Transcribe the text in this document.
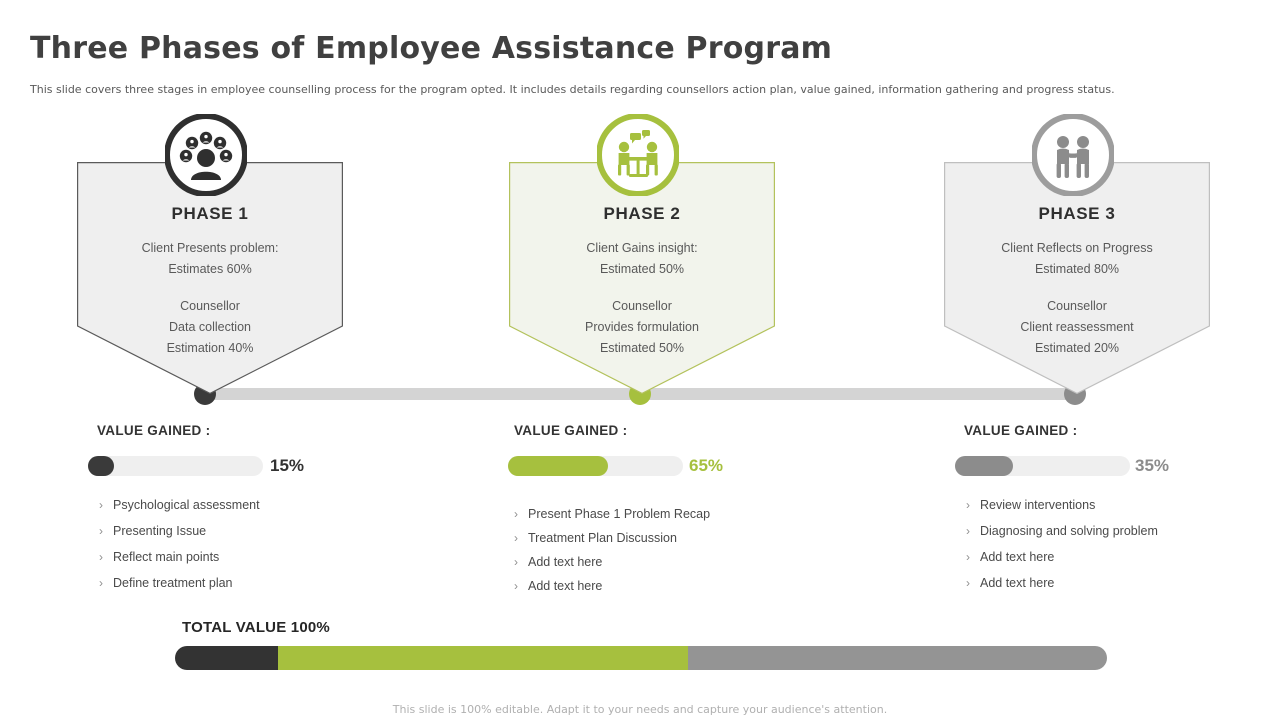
Three Phases of Employee Assistance Program
This slide covers three stages in employee counselling process for the program opted. It includes details regarding counsellors action plan, value gained, information gathering and progress status.
PHASE 1
Client Presents problem:
Estimates 60%
Counsellor
Data collection
Estimation 40%
VALUE GAINED :
15%
› Psychological assessment
› Presenting Issue
› Reflect main points
› Define treatment plan
PHASE 2
Client Gains insight:
Estimated 50%
Counsellor
Provides formulation
Estimated 50%
VALUE GAINED :
65%
› Present Phase 1 Problem Recap
› Treatment Plan Discussion
› Add text here
› Add text here
PHASE 3
Client Reflects on Progress
Estimated 80%
Counsellor
Client reassessment
Estimated 20%
VALUE GAINED :
35%
› Review interventions
› Diagnosing and solving problem
› Add text here
› Add text here
TOTAL VALUE 100%
This slide is 100% editable. Adapt it to your needs and capture your audience's attention.
